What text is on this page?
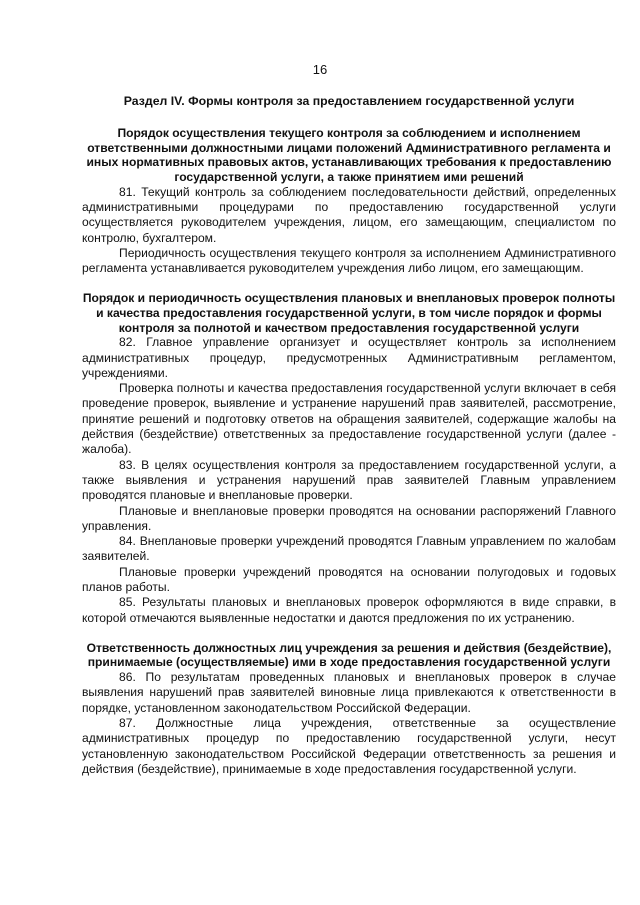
16

Раздел IV. Формы контроля за предоставлением государственной услуги

Порядок осуществления текущего контроля за соблюдением и исполнением ответственными должностными лицами положений Административного регламента и иных нормативных правовых актов, устанавливающих требования к предоставлению государственной услуги, а также принятием ими решений

81. Текущий контроль за соблюдением последовательности действий, определенных административными процедурами по предоставлению государственной услуги осуществляется руководителем учреждения, лицом, его замещающим, специалистом по контролю, бухгалтером.

Периодичность осуществления текущего контроля за исполнением Административного регламента устанавливается руководителем учреждения либо лицом, его замещающим.

Порядок и периодичность осуществления плановых и внеплановых проверок полноты и качества предоставления государственной услуги, в том числе порядок и формы контроля за полнотой и качеством предоставления государственной услуги

82. Главное управление организует и осуществляет контроль за исполнением административных процедур, предусмотренных Административным регламентом, учреждениями.

Проверка полноты и качества предоставления государственной услуги включает в себя проведение проверок, выявление и устранение нарушений прав заявителей, рассмотрение, принятие решений и подготовку ответов на обращения заявителей, содержащие жалобы на действия (бездействие) ответственных за предоставление государственной услуги (далее - жалоба).

83. В целях осуществления контроля за предоставлением государственной услуги, а также выявления и устранения нарушений прав заявителей Главным управлением проводятся плановые и внеплановые проверки.

Плановые и внеплановые проверки проводятся на основании распоряжений Главного управления.

84. Внеплановые проверки учреждений проводятся Главным управлением по жалобам заявителей.

Плановые проверки учреждений проводятся на основании полугодовых и годовых планов работы.

85. Результаты плановых и внеплановых проверок оформляются в виде справки, в которой отмечаются выявленные недостатки и даются предложения по их устранению.

Ответственность должностных лиц учреждения за решения и действия (бездействие), принимаемые (осуществляемые) ими в ходе предоставления государственной услуги

86. По результатам проведенных плановых и внеплановых проверок в случае выявления нарушений прав заявителей виновные лица привлекаются к ответственности в порядке, установленном законодательством Российской Федерации.

87. Должностные лица учреждения, ответственные за осуществление административных процедур по предоставлению государственной услуги, несут установленную законодательством Российской Федерации ответственность за решения и действия (бездействие), принимаемые в ходе предоставления государственной услуги.
